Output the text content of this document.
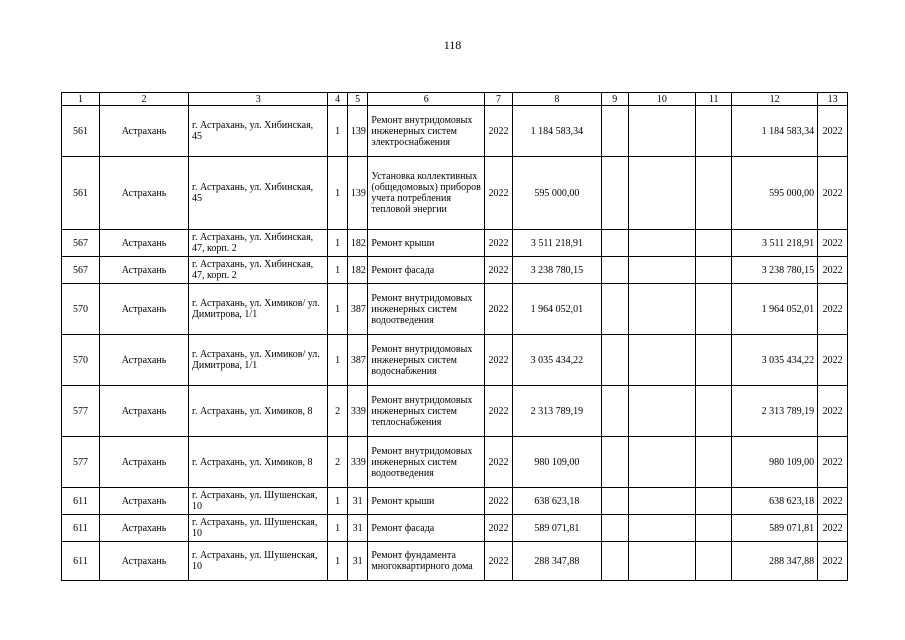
118
1	2	3	4	5	6	7	8	9	10	11	12	13
561	Астрахань	г. Астрахань, ул. Хибинская, 45	1	139	Ремонт внутридомовых инженерных систем электроснабжения	2022	1 184 583,34				1 184 583,34	2022
561	Астрахань	г. Астрахань, ул. Хибинская, 45	1	139	Установка коллективных (общедомовых) приборов учета потребления тепловой энергии	2022	595 000,00				595 000,00	2022
567	Астрахань	г. Астрахань, ул. Хибинская, 47, корп. 2	1	182	Ремонт крыши	2022	3 511 218,91				3 511 218,91	2022
567	Астрахань	г. Астрахань, ул. Хибинская, 47, корп. 2	1	182	Ремонт фасада	2022	3 238 780,15				3 238 780,15	2022
570	Астрахань	г. Астрахань, ул. Химиков/ ул. Димитрова, 1/1	1	387	Ремонт внутридомовых инженерных систем водоотведения	2022	1 964 052,01				1 964 052,01	2022
570	Астрахань	г. Астрахань, ул. Химиков/ ул. Димитрова, 1/1	1	387	Ремонт внутридомовых инженерных систем водоснабжения	2022	3 035 434,22				3 035 434,22	2022
577	Астрахань	г. Астрахань, ул. Химиков, 8	2	339	Ремонт внутридомовых инженерных систем теплоснабжения	2022	2 313 789,19				2 313 789,19	2022
577	Астрахань	г. Астрахань, ул. Химиков, 8	2	339	Ремонт внутридомовых инженерных систем водоотведения	2022	980 109,00				980 109,00	2022
611	Астрахань	г. Астрахань, ул. Шушенская, 10	1	31	Ремонт крыши	2022	638 623,18				638 623,18	2022
611	Астрахань	г. Астрахань, ул. Шушенская, 10	1	31	Ремонт фасада	2022	589 071,81				589 071,81	2022
611	Астрахань	г. Астрахань, ул. Шушенская, 10	1	31	Ремонт фундамента многоквартирного дома	2022	288 347,88				288 347,88	2022
